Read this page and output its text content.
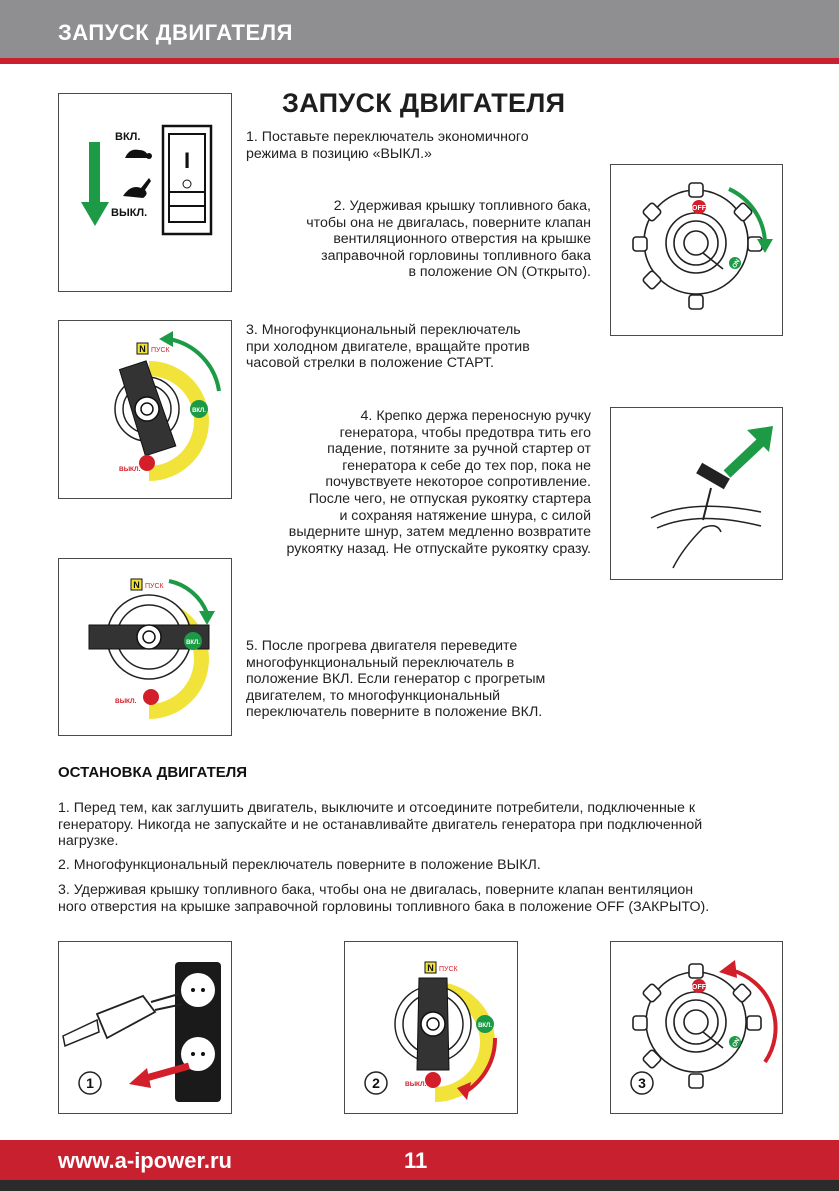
ЗАПУСК ДВИГАТЕЛЯ
ЗАПУСК ДВИГАТЕЛЯ
ВКЛ.
ВЫКЛ.
I
1. Поставьте переключатель экономичного
режима в позицию «ВЫКЛ.»
2. Удерживая крышку топливного бака,
чтобы она не двигалась, поверните клапан
вентиляционного отверстия на крышке
заправочной горловины топливного бака
в положение ON (Открыто).
OFF
ON
N ПУСК
ВКЛ.
ВЫКЛ.
3. Многофункциональный переключатель
при холодном двигателе, вращайте против
часовой стрелки в положение СТАРТ.
4. Крепко держа переносную ручку
генератора, чтобы предотвра тить его
падение, потяните за ручной стартер от
генератора к себе до тех пор, пока не
почувствуете некоторое сопротивление.
После чего, не отпуская рукоятку стартера
и сохраняя натяжение шнура, с силой
выдерните шнур, затем медленно возвратите
рукоятку назад. Не отпускайте рукоятку сразу.
N ПУСК
ВКЛ.
ВЫКЛ.
5. После прогрева двигателя переведите
многофункциональный переключатель в
положение ВКЛ. Если генератор с прогретым
двигателем, то многофункциональный
переключатель поверните в положение ВКЛ.
ОСТАНОВКА ДВИГАТЕЛЯ
1. Перед тем, как заглушить двигатель, выключите и отсоедините потребители, подключенные к
генератору. Никогда не запускайте и не останавливайте двигатель генератора при подключенной
нагрузке.
2. Многофункциональный переключатель поверните в положение ВЫКЛ.
3. Удерживая крышку топливного бака, чтобы она не двигалась, поверните клапан вентиляцион
ного отверстия на крышке заправочной горловины топливного бака в положение OFF (ЗАКРЫТО).
1
N ПУСК
ВКЛ.
ВЫКЛ.
2
OFF
ON
3
www.a-ipower.ru	11
